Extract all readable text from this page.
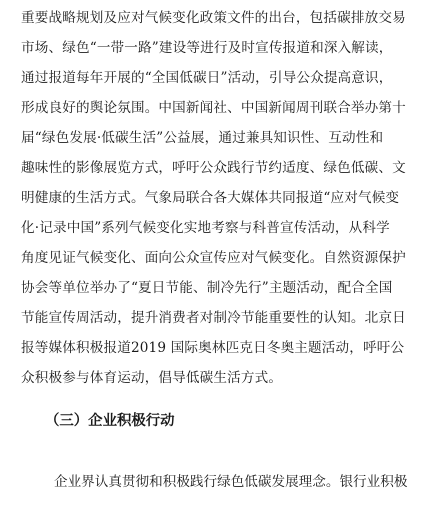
重要战略规划及应对气候变化政策文件的出台，包括碳排放交易
市场、绿色“一带一路”建设等进行及时宣传报道和深入解读，
通过报道每年开展的“全国低碳日”活动，引导公众提高意识，
形成良好的舆论氛围。中国新闻社、中国新闻周刊联合举办第十
届“绿色发展·低碳生活”公益展，通过兼具知识性、互动性和
趣味性的影像展览方式，呼吁公众践行节约适度、绿色低碳、文
明健康的生活方式。气象局联合各大媒体共同报道“应对气候变
化·记录中国”系列气候变化实地考察与科普宣传活动，从科学
角度见证气候变化、面向公众宣传应对气候变化。自然资源保护
协会等单位举办了“夏日节能、制冷先行”主题活动，配合全国
节能宣传周活动，提升消费者对制冷节能重要性的认知。北京日
报等媒体积极报道2019 国际奥林匹克日冬奥主题活动，呼吁公
众积极参与体育运动，倡导低碳生活方式。
（三）企业积极行动
企业界认真贯彻和积极践行绿色低碳发展理念。银行业积极
